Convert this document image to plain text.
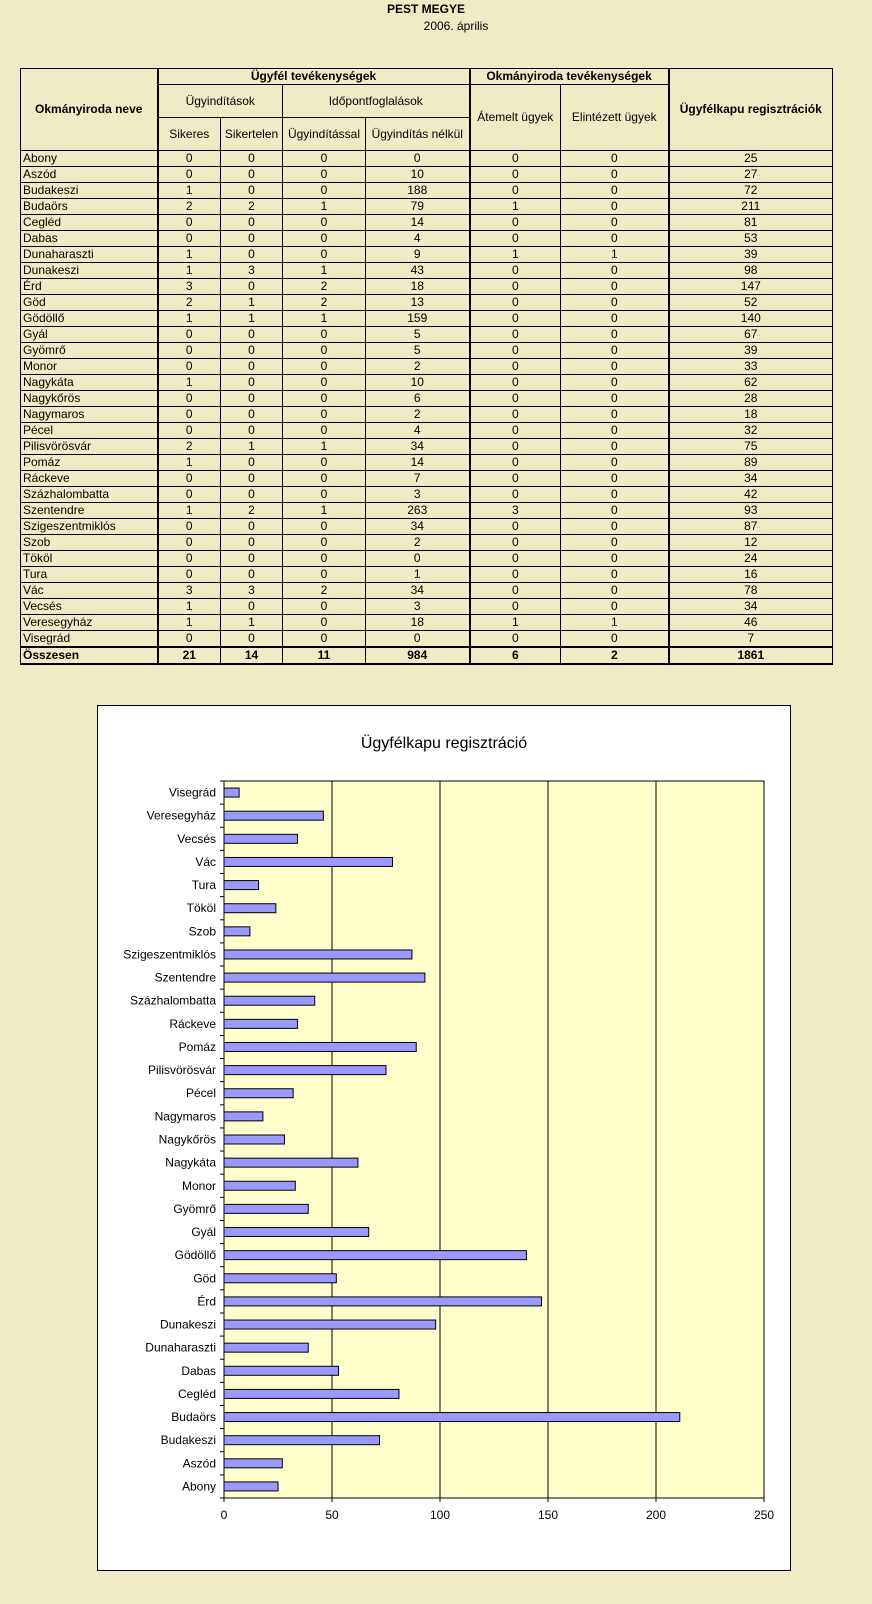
PEST MEGYE
2006. április
Okmányiroda neve	Ügyfél tevékenységek				Okmányiroda tevékenységek		Ügyfélkapu regisztrációk
	Ügyindítások		Időpontfoglalások		Átemelt ügyek	Elintézett ügyek	
	Sikeres	Sikertelen	Ügyindítással	Ügyindítás nélkül			
Abony	0	0	0	0	0	0	25
Aszód	0	0	0	10	0	0	27
Budakeszi	1	0	0	188	0	0	72
Budaörs	2	2	1	79	1	0	211
Cegléd	0	0	0	14	0	0	81
Dabas	0	0	0	4	0	0	53
Dunaharaszti	1	0	0	9	1	1	39
Dunakeszi	1	3	1	43	0	0	98
Érd	3	0	2	18	0	0	147
Göd	2	1	2	13	0	0	52
Gödöllő	1	1	1	159	0	0	140
Gyál	0	0	0	5	0	0	67
Gyömrő	0	0	0	5	0	0	39
Monor	0	0	0	2	0	0	33
Nagykáta	1	0	0	10	0	0	62
Nagykőrös	0	0	0	6	0	0	28
Nagymaros	0	0	0	2	0	0	18
Pécel	0	0	0	4	0	0	32
Pilisvörösvár	2	1	1	34	0	0	75
Pomáz	1	0	0	14	0	0	89
Ráckeve	0	0	0	7	0	0	34
Százhalombatta	0	0	0	3	0	0	42
Szentendre	1	2	1	263	3	0	93
Szigeszentmiklós	0	0	0	34	0	0	87
Szob	0	0	0	2	0	0	12
Tököl	0	0	0	0	0	0	24
Tura	0	0	0	1	0	0	16
Vác	3	3	2	34	0	0	78
Vecsés	1	0	0	3	0	0	34
Veresegyház	1	1	0	18	1	1	46
Visegrád	0	0	0	0	0	0	7
Összesen	21	14	11	984	6	2	1861
Ügyfélkapu regisztráció
0	50	100	150	200	250
Visegrád
Veresegyház
Vecsés
Vác
Tura
Tököl
Szob
Szigeszentmiklós
Szentendre
Százhalombatta
Ráckeve
Pomáz
Pilisvörösvár
Pécel
Nagymaros
Nagykőrös
Nagykáta
Monor
Gyömrő
Gyál
Gödöllő
Göd
Érd
Dunakeszi
Dunaharaszti
Dabas
Cegléd
Budaörs
Budakeszi
Aszód
Abony
